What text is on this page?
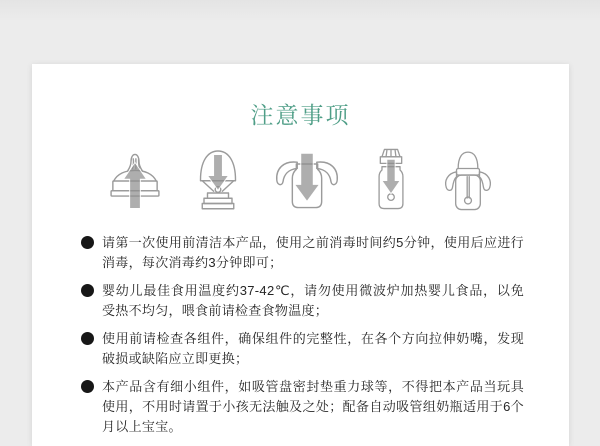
注意事项
请第一次使用前清洁本产品，使用之前消毒时间约5分钟，使用后应进行消毒，每次消毒约3分钟即可；
婴幼儿最佳食用温度约37-42℃，请勿使用微波炉加热婴儿食品，以免受热不均匀，喂食前请检查食物温度；
使用前请检查各组件，确保组件的完整性，在各个方向拉伸奶嘴，发现破损或缺陷应立即更换；
本产品含有细小组件，如吸管盘密封垫重力球等，不得把本产品当玩具使用，不用时请置于小孩无法触及之处；配备自动吸管组奶瓶适用于6个月以上宝宝。
